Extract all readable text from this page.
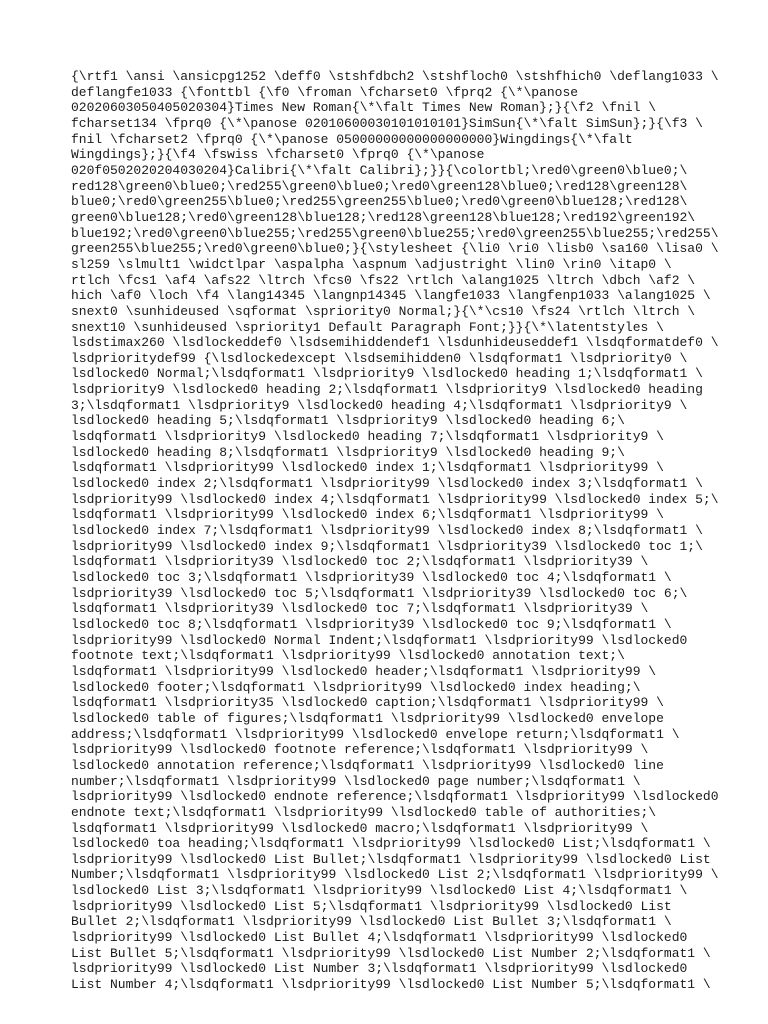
{\rtf1 \ansi \ansicpg1252 \deff0 \stshfdbch2 \stshfloch0 \stshfhich0 \deflang1033 \
deflangfe1033 {\fonttbl {\f0 \froman \fcharset0 \fprq2 {\*\panose
02020603050405020304}Times New Roman{\*\falt Times New Roman};}{\f2 \fnil \
fcharset134 \fprq0 {\*\panose 02010600030101010101}SimSun{\*\falt SimSun};}{\f3 \
fnil \fcharset2 \fprq0 {\*\panose 05000000000000000000}Wingdings{\*\falt
Wingdings};}{\f4 \fswiss \fcharset0 \fprq0 {\*\panose
020f0502020204030204}Calibri{\*\falt Calibri};}}{\colortbl;\red0\green0\blue0;\
red128\green0\blue0;\red255\green0\blue0;\red0\green128\blue0;\red128\green128\
blue0;\red0\green255\blue0;\red255\green255\blue0;\red0\green0\blue128;\red128\
green0\blue128;\red0\green128\blue128;\red128\green128\blue128;\red192\green192\
blue192;\red0\green0\blue255;\red255\green0\blue255;\red0\green255\blue255;\red255\
green255\blue255;\red0\green0\blue0;}{\stylesheet {\li0 \ri0 \lisb0 \sa160 \lisa0 \
sl259 \slmult1 \widctlpar \aspalpha \aspnum \adjustright \lin0 \rin0 \itap0 \
rtlch \fcs1 \af4 \afs22 \ltrch \fcs0 \fs22 \rtlch \alang1025 \ltrch \dbch \af2 \
hich \af0 \loch \f4 \lang14345 \langnp14345 \langfe1033 \langfenp1033 \alang1025 \
snext0 \sunhideused \sqformat \spriority0 Normal;}{\*\cs10 \fs24 \rtlch \ltrch \
snext10 \sunhideused \spriority1 Default Paragraph Font;}}{\*\latentstyles \
lsdstimax260 \lsdlockeddef0 \lsdsemihiddendef1 \lsdunhideuseddef1 \lsdqformatdef0 \
lsdprioritydef99 {\lsdlockedexcept \lsdsemihidden0 \lsdqformat1 \lsdpriority0 \
lsdlocked0 Normal;\lsdqformat1 \lsdpriority9 \lsdlocked0 heading 1;\lsdqformat1 \
lsdpriority9 \lsdlocked0 heading 2;\lsdqformat1 \lsdpriority9 \lsdlocked0 heading
3;\lsdqformat1 \lsdpriority9 \lsdlocked0 heading 4;\lsdqformat1 \lsdpriority9 \
lsdlocked0 heading 5;\lsdqformat1 \lsdpriority9 \lsdlocked0 heading 6;\
lsdqformat1 \lsdpriority9 \lsdlocked0 heading 7;\lsdqformat1 \lsdpriority9 \
lsdlocked0 heading 8;\lsdqformat1 \lsdpriority9 \lsdlocked0 heading 9;\
lsdqformat1 \lsdpriority99 \lsdlocked0 index 1;\lsdqformat1 \lsdpriority99 \
lsdlocked0 index 2;\lsdqformat1 \lsdpriority99 \lsdlocked0 index 3;\lsdqformat1 \
lsdpriority99 \lsdlocked0 index 4;\lsdqformat1 \lsdpriority99 \lsdlocked0 index 5;\
lsdqformat1 \lsdpriority99 \lsdlocked0 index 6;\lsdqformat1 \lsdpriority99 \
lsdlocked0 index 7;\lsdqformat1 \lsdpriority99 \lsdlocked0 index 8;\lsdqformat1 \
lsdpriority99 \lsdlocked0 index 9;\lsdqformat1 \lsdpriority39 \lsdlocked0 toc 1;\
lsdqformat1 \lsdpriority39 \lsdlocked0 toc 2;\lsdqformat1 \lsdpriority39 \
lsdlocked0 toc 3;\lsdqformat1 \lsdpriority39 \lsdlocked0 toc 4;\lsdqformat1 \
lsdpriority39 \lsdlocked0 toc 5;\lsdqformat1 \lsdpriority39 \lsdlocked0 toc 6;\
lsdqformat1 \lsdpriority39 \lsdlocked0 toc 7;\lsdqformat1 \lsdpriority39 \
lsdlocked0 toc 8;\lsdqformat1 \lsdpriority39 \lsdlocked0 toc 9;\lsdqformat1 \
lsdpriority99 \lsdlocked0 Normal Indent;\lsdqformat1 \lsdpriority99 \lsdlocked0
footnote text;\lsdqformat1 \lsdpriority99 \lsdlocked0 annotation text;\
lsdqformat1 \lsdpriority99 \lsdlocked0 header;\lsdqformat1 \lsdpriority99 \
lsdlocked0 footer;\lsdqformat1 \lsdpriority99 \lsdlocked0 index heading;\
lsdqformat1 \lsdpriority35 \lsdlocked0 caption;\lsdqformat1 \lsdpriority99 \
lsdlocked0 table of figures;\lsdqformat1 \lsdpriority99 \lsdlocked0 envelope
address;\lsdqformat1 \lsdpriority99 \lsdlocked0 envelope return;\lsdqformat1 \
lsdpriority99 \lsdlocked0 footnote reference;\lsdqformat1 \lsdpriority99 \
lsdlocked0 annotation reference;\lsdqformat1 \lsdpriority99 \lsdlocked0 line
number;\lsdqformat1 \lsdpriority99 \lsdlocked0 page number;\lsdqformat1 \
lsdpriority99 \lsdlocked0 endnote reference;\lsdqformat1 \lsdpriority99 \lsdlocked0
endnote text;\lsdqformat1 \lsdpriority99 \lsdlocked0 table of authorities;\
lsdqformat1 \lsdpriority99 \lsdlocked0 macro;\lsdqformat1 \lsdpriority99 \
lsdlocked0 toa heading;\lsdqformat1 \lsdpriority99 \lsdlocked0 List;\lsdqformat1 \
lsdpriority99 \lsdlocked0 List Bullet;\lsdqformat1 \lsdpriority99 \lsdlocked0 List
Number;\lsdqformat1 \lsdpriority99 \lsdlocked0 List 2;\lsdqformat1 \lsdpriority99 \
lsdlocked0 List 3;\lsdqformat1 \lsdpriority99 \lsdlocked0 List 4;\lsdqformat1 \
lsdpriority99 \lsdlocked0 List 5;\lsdqformat1 \lsdpriority99 \lsdlocked0 List
Bullet 2;\lsdqformat1 \lsdpriority99 \lsdlocked0 List Bullet 3;\lsdqformat1 \
lsdpriority99 \lsdlocked0 List Bullet 4;\lsdqformat1 \lsdpriority99 \lsdlocked0
List Bullet 5;\lsdqformat1 \lsdpriority99 \lsdlocked0 List Number 2;\lsdqformat1 \
lsdpriority99 \lsdlocked0 List Number 3;\lsdqformat1 \lsdpriority99 \lsdlocked0
List Number 4;\lsdqformat1 \lsdpriority99 \lsdlocked0 List Number 5;\lsdqformat1 \
